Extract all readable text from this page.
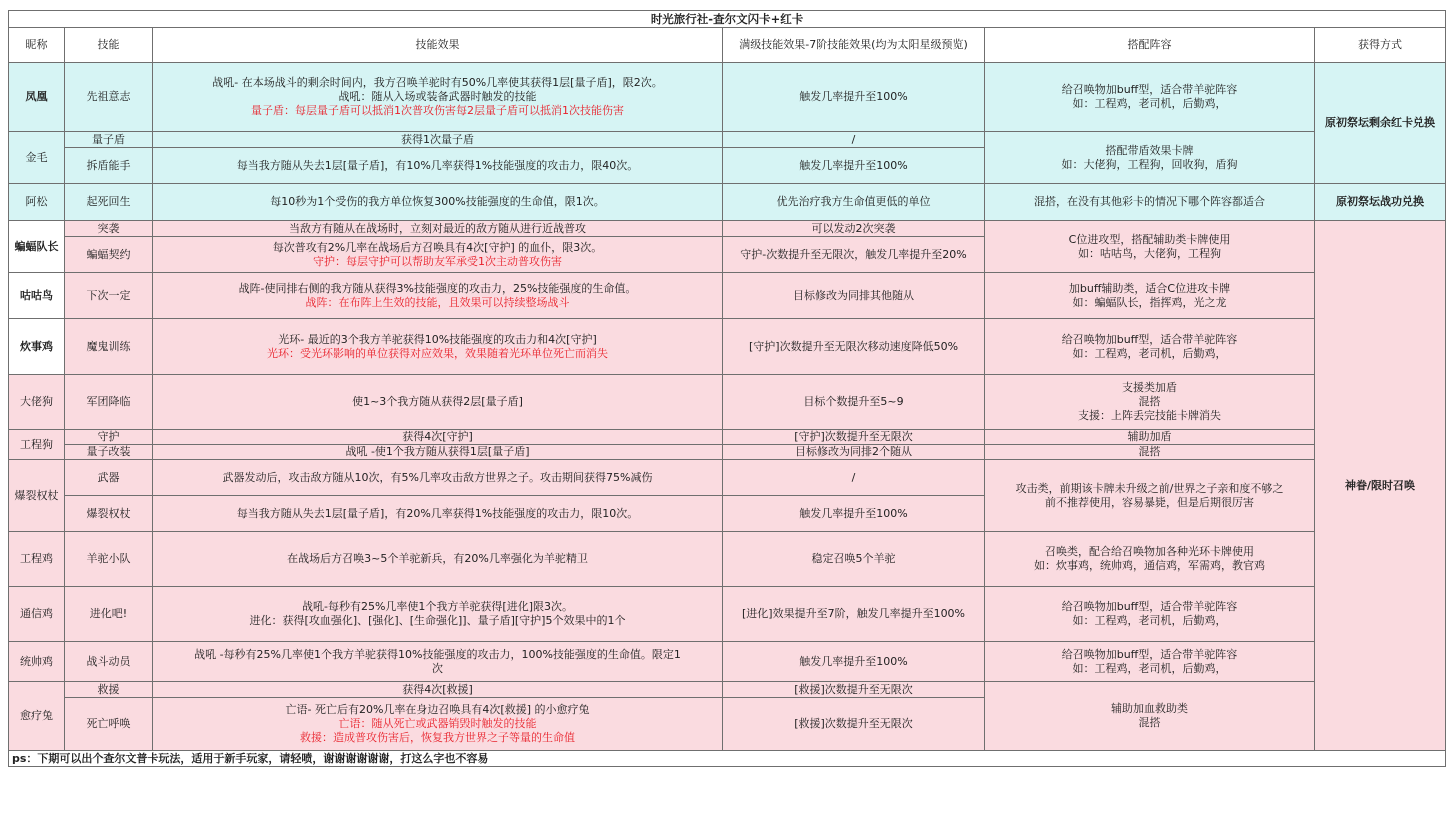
时光旅行社-查尔文闪卡+红卡					
昵称	技能	技能效果	满级技能效果-7阶技能效果(均为太阳星级预览)	搭配阵容	获得方式
凤凰	先祖意志	战吼- 在本场战斗的剩余时间内，我方召唤羊驼时有50%几率使其获得1层[量子盾]，限2次。
战吼：随从入场或装备武器时触发的技能
量子盾：每层量子盾可以抵消1次普攻伤害每2层量子盾可以抵消1次技能伤害	触发几率提升至100%	给召唤物加buff型，适合带羊驼阵容
如：工程鸡，老司机，后勤鸡，	原初祭坛剩余红卡兑换
金毛	量子盾	获得1次量子盾	/	搭配带盾效果卡牌
如：大佬狗，工程狗，回收狗，盾狗	

	拆盾能手	每当我方随从失去1层[量子盾]，有10%几率获得1%技能强度的攻击力，限40次。	触发几率提升至100%		
阿松	起死回生	每10秒为1个受伤的我方单位恢复300%技能强度的生命值，限1次。	优先治疗我方生命值更低的单位	混搭，在没有其他彩卡的情况下哪个阵容都适合	原初祭坛战功兑换
蝙蝠队长	突袭	当敌方有随从在战场时，立刻对最近的敌方随从进行近战普攻	可以发动2次突袭	C位进攻型，搭配辅助类卡牌使用
如：咕咕鸟，大佬狗，工程狗	神眷/限时召唤
	蝙蝠契约	每次普攻有2%几率在战场后方召唤具有4次[守护] 的血仆，限3次。
守护：每层守护可以帮助友军承受1次主动普攻伤害	守护-次数提升至无限次，触发几率提升至20%		
咕咕鸟	下次一定	战阵-使同排右侧的我方随从获得3%技能强度的攻击力，25%技能强度的生命值。
战阵：在布阵上生效的技能，且效果可以持续整场战斗	目标修改为同排其他随从	加buff辅助类，适合C位进攻卡牌
如：蝙蝠队长，指挥鸡，光之龙	

炊事鸡	魔鬼训练	光环- 最近的3个我方羊驼获得10%技能强度的攻击力和4次[守护]
光环：受光环影响的单位获得对应效果，效果随着光环单位死亡而消失	[守护]次数提升至无限次移动速度降低50%	给召唤物加buff型，适合带羊驼阵容
如：工程鸡，老司机，后勤鸡，	

大佬狗	军团降临	使1~3个我方随从获得2层[量子盾]	目标个数提升至5~9	支援类加盾
混搭
支援：上阵丢完技能卡牌消失	

工程狗	守护	获得4次[守护]	[守护]次数提升至无限次	辅助加盾	
	量子改装	战吼 -使1个我方随从获得1层[量子盾]	目标修改为同排2个随从	混搭	
爆裂权杖	武器	武器发动后，攻击敌方随从10次，有5%几率攻击敌方世界之子。攻击期间获得75%减伤	/	攻击类，前期该卡牌未升级之前/世界之子亲和度不够之
前不推荐使用，容易暴毙，但是后期很厉害	

	爆裂权杖	每当我方随从失去1层[量子盾]，有20%几率获得1%技能强度的攻击力，限10次。	触发几率提升至100%		
工程鸡	羊驼小队	在战场后方召唤3~5个羊驼新兵，有20%几率强化为羊驼精卫	稳定召唤5个羊驼	召唤类，配合给召唤物加各种光环卡牌使用
如：炊事鸡，统帅鸡，通信鸡，军需鸡，教官鸡	

通信鸡	进化吧!	战吼-每秒有25%几率使1个我方羊驼获得[进化]限3次。
进化：获得[攻血强化]、[强化]、[生命强化]]、量子盾][守护]5个效果中的1个	[进化]效果提升至7阶，触发几率提升至100%	给召唤物加buff型，适合带羊驼阵容
如：工程鸡，老司机，后勤鸡，	

统帅鸡	战斗动员	战吼 -每秒有25%几率使1个我方羊驼获得10%技能强度的攻击力，100%技能强度的生命值。限定1
次	触发几率提升至100%	给召唤物加buff型，适合带羊驼阵容
如：工程鸡，老司机，后勤鸡，	

愈疗兔	救援	获得4次[救援]	[救援]次数提升至无限次	辅助加血救助类
混搭	

	死亡呼唤	亡语- 死亡后有20%几率在身边召唤具有4次[救援] 的小愈疗兔
亡语：随从死亡或武器销毁时触发的技能
救援：造成普攻伤害后，恢复我方世界之子等量的生命值	[救援]次数提升至无限次		
ps：下期可以出个查尔文普卡玩法，适用于新手玩家，请轻喷，谢谢谢谢谢谢，打这么字也不容易					
